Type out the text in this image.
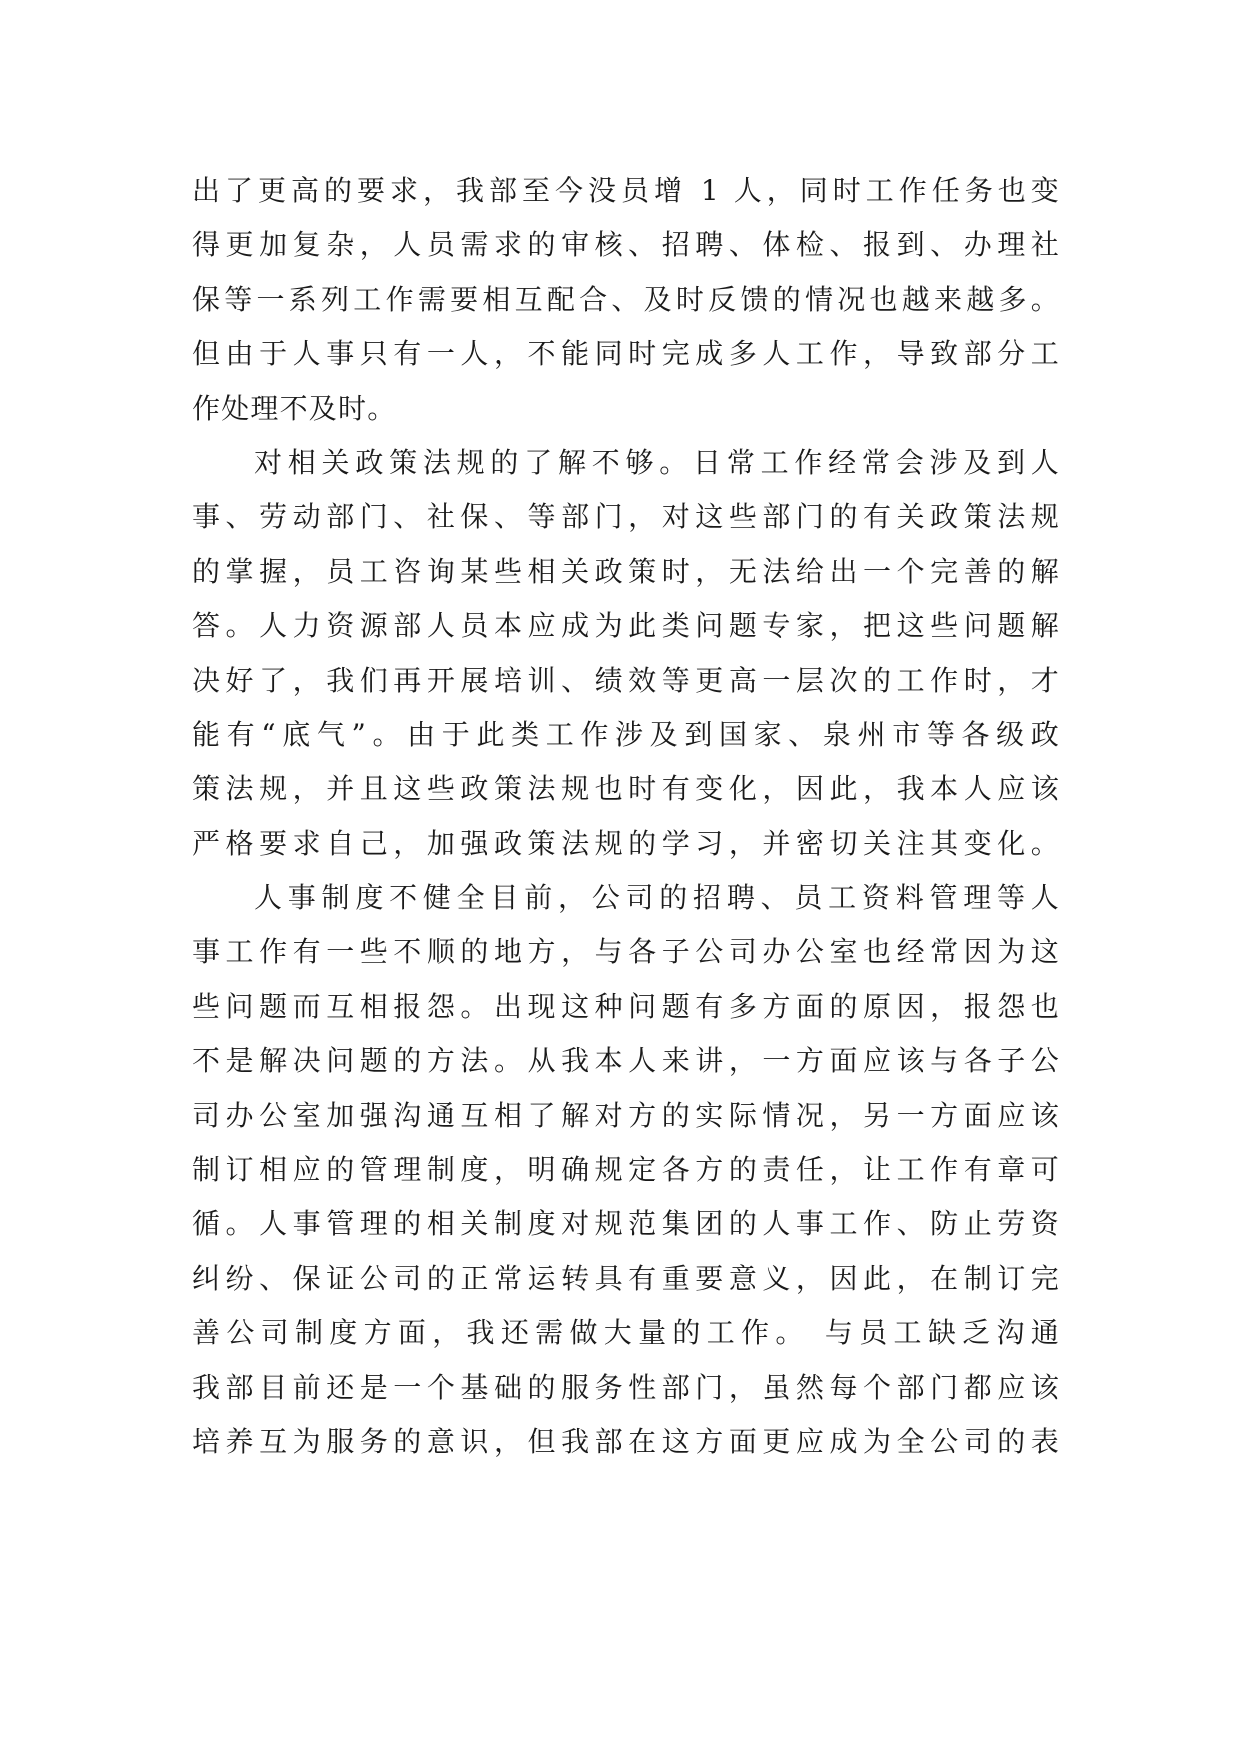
出了更高的要求，我部至今没员增 1 人，同时工作任务也变
得更加复杂，人员需求的审核、招聘、体检、报到、办理社
保等一系列工作需要相互配合、及时反馈的情况也越来越多。
但由于人事只有一人，不能同时完成多人工作，导致部分工
作处理不及时。
对相关政策法规的了解不够。日常工作经常会涉及到人
事、劳动部门、社保、等部门，对这些部门的有关政策法规
的掌握，员工咨询某些相关政策时，无法给出一个完善的解
答。人力资源部人员本应成为此类问题专家，把这些问题解
决好了，我们再开展培训、绩效等更高一层次的工作时，才
能有“底气”。由于此类工作涉及到国家、泉州市等各级政
策法规，并且这些政策法规也时有变化，因此，我本人应该
严格要求自己，加强政策法规的学习，并密切关注其变化。
人事制度不健全目前，公司的招聘、员工资料管理等人
事工作有一些不顺的地方，与各子公司办公室也经常因为这
些问题而互相报怨。出现这种问题有多方面的原因，报怨也
不是解决问题的方法。从我本人来讲，一方面应该与各子公
司办公室加强沟通互相了解对方的实际情况，另一方面应该
制订相应的管理制度，明确规定各方的责任，让工作有章可
循。人事管理的相关制度对规范集团的人事工作、防止劳资
纠纷、保证公司的正常运转具有重要意义，因此，在制订完
善公司制度方面，我还需做大量的工作。 与员工缺乏沟通
我部目前还是一个基础的服务性部门，虽然每个部门都应该
培养互为服务的意识，但我部在这方面更应成为全公司的表
